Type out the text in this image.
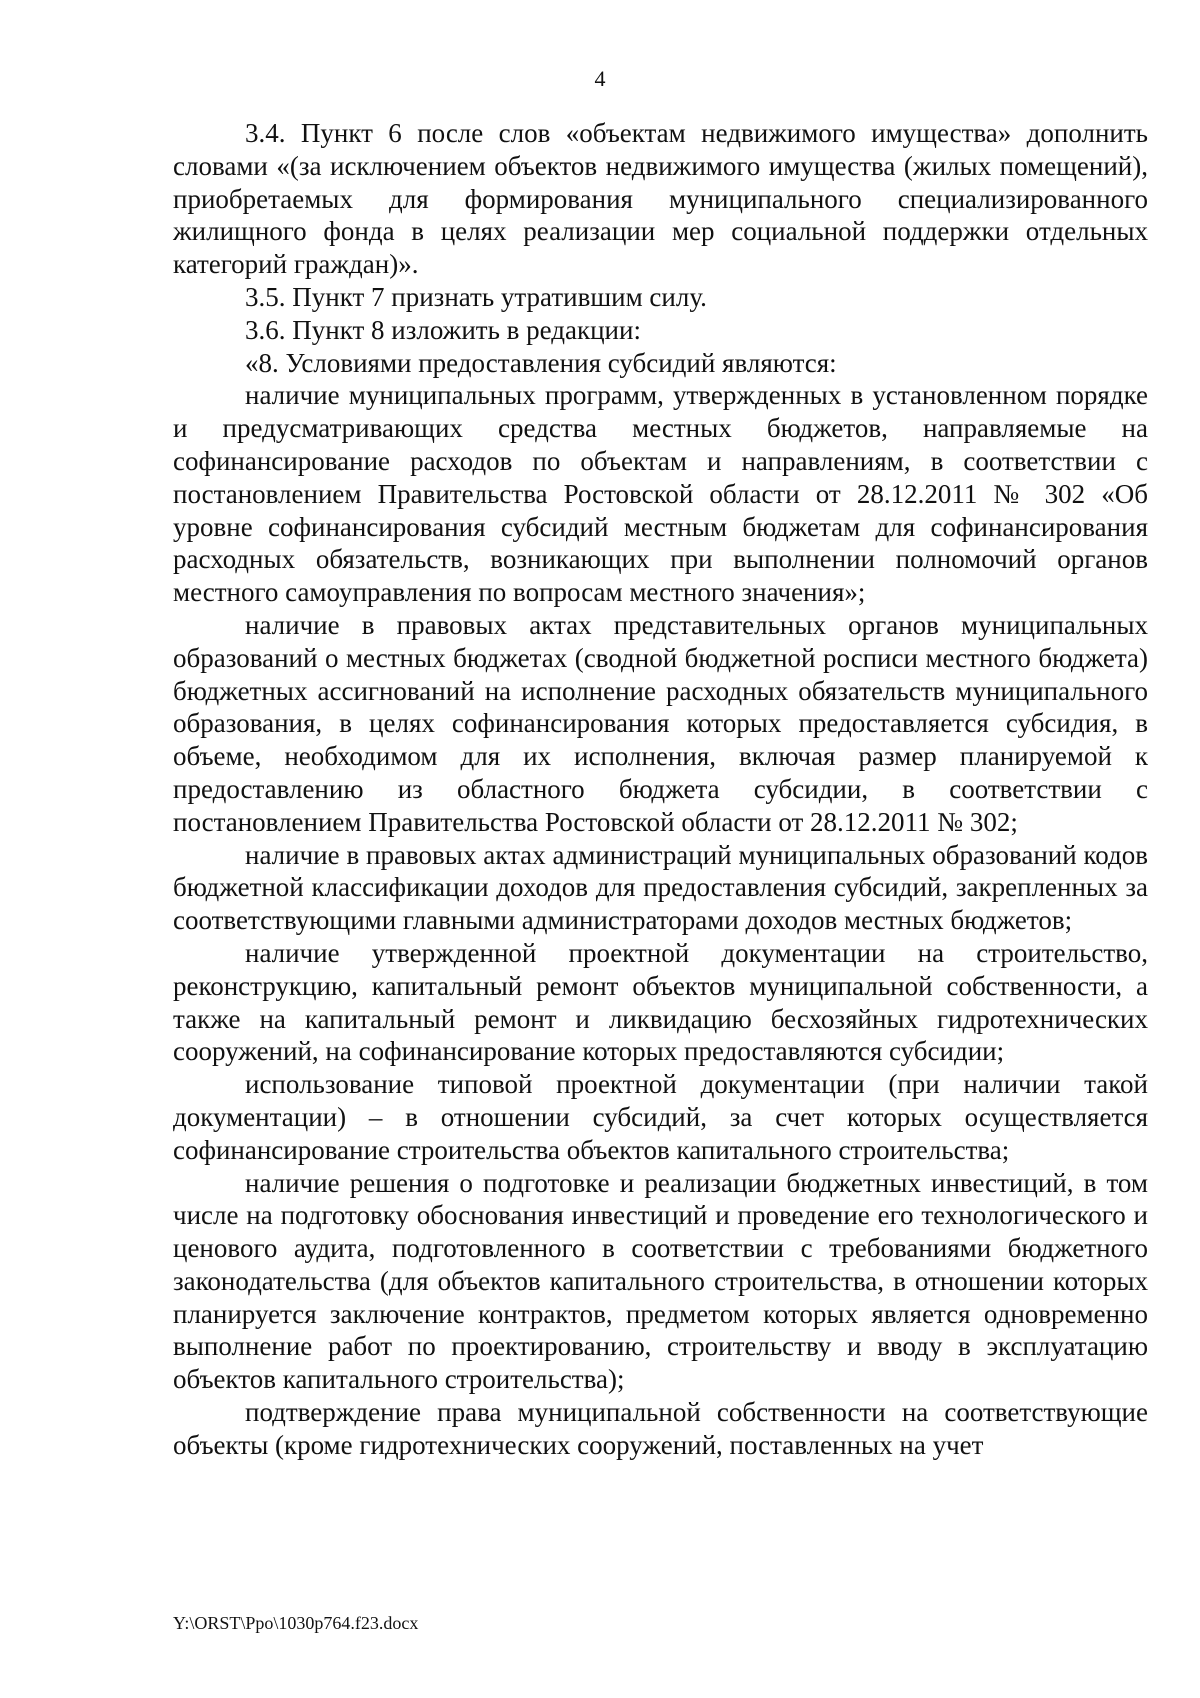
4

3.4. Пункт 6 после слов «объектам недвижимого имущества» дополнить словами «(за исключением объектов недвижимого имущества (жилых помещений), приобретаемых для формирования муниципального специализированного жилищного фонда в целях реализации мер социальной поддержки отдельных категорий граждан)».

3.5. Пункт 7 признать утратившим силу.

3.6. Пункт 8 изложить в редакции:

«8. Условиями предоставления субсидий являются:

наличие муниципальных программ, утвержденных в установленном порядке и предусматривающих средства местных бюджетов, направляемые на софинансирование расходов по объектам и направлениям, в соответствии с постановлением Правительства Ростовской области от 28.12.2011 № 302 «Об уровне софинансирования субсидий местным бюджетам для софинансирования расходных обязательств, возникающих при выполнении полномочий органов местного самоуправления по вопросам местного значения»;

наличие в правовых актах представительных органов муниципальных образований о местных бюджетах (сводной бюджетной росписи местного бюджета) бюджетных ассигнований на исполнение расходных обязательств муниципального образования, в целях софинансирования которых предоставляется субсидия, в объеме, необходимом для их исполнения, включая размер планируемой к предоставлению из областного бюджета субсидии, в соответствии с постановлением Правительства Ростовской области от 28.12.2011 № 302;

наличие в правовых актах администраций муниципальных образований кодов бюджетной классификации доходов для предоставления субсидий, закрепленных за соответствующими главными администраторами доходов местных бюджетов;

наличие утвержденной проектной документации на строительство, реконструкцию, капитальный ремонт объектов муниципальной собственности, а также на капитальный ремонт и ликвидацию бесхозяйных гидротехнических сооружений, на софинансирование которых предоставляются субсидии;

использование типовой проектной документации (при наличии такой документации) – в отношении субсидий, за счет которых осуществляется софинансирование строительства объектов капитального строительства;

наличие решения о подготовке и реализации бюджетных инвестиций, в том числе на подготовку обоснования инвестиций и проведение его технологического и ценового аудита, подготовленного в соответствии с требованиями бюджетного законодательства (для объектов капитального строительства, в отношении которых планируется заключение контрактов, предметом которых является одновременно выполнение работ по проектированию, строительству и вводу в эксплуатацию объектов капитального строительства);

подтверждение права муниципальной собственности на соответствующие объекты (кроме гидротехнических сооружений, поставленных на учет

Y:\ORST\Ppo\1030p764.f23.docx
